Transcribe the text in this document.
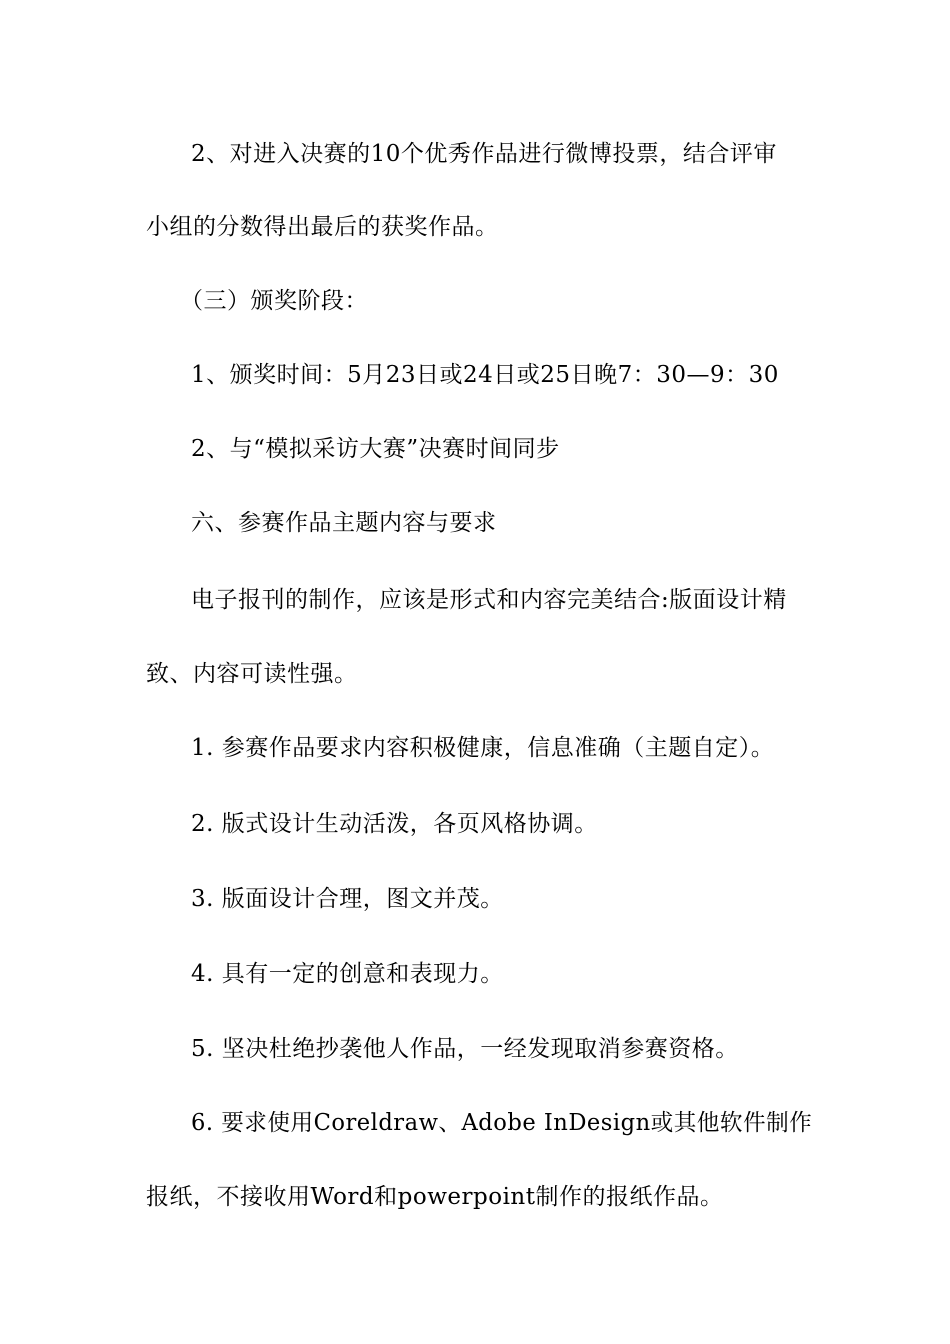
2、对进入决赛的10个优秀作品进行微博投票，结合评审
小组的分数得出最后的获奖作品。
（三）颁奖阶段：
1、颁奖时间：5月23日或24日或25日晚7：30—9：30
2、与“模拟采访大赛”决赛时间同步
六、参赛作品主题内容与要求
电子报刊的制作，应该是形式和内容完美结合:版面设计精
致、内容可读性强。
1. 参赛作品要求内容积极健康，信息准确（主题自定）。
2. 版式设计生动活泼，各页风格协调。
3. 版面设计合理，图文并茂。
4. 具有一定的创意和表现力。
5. 坚决杜绝抄袭他人作品，一经发现取消参赛资格。
6. 要求使用Coreldraw、Adobe InDesign或其他软件制作
报纸，不接收用Word和powerpoint制作的报纸作品。
